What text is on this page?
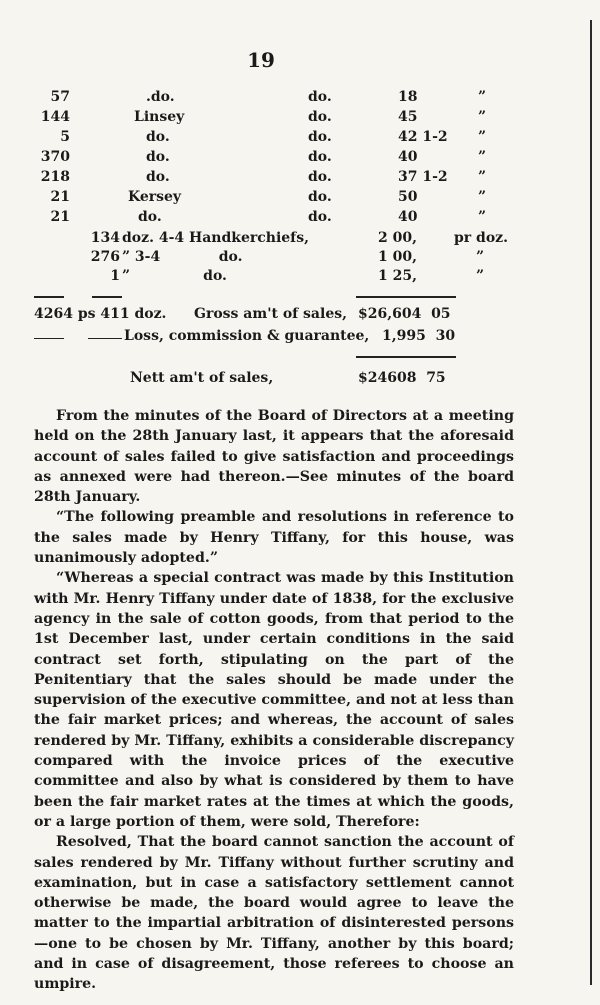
19
57	.do.	do.	18	”
144	Linsey	do.	45	”
5	do.	do.	42 1-2 ”
370	do.	do.	40	”
218	do.	do.	37 1-2 ”
21	Kersey	do.	50	”
21	do.	do.	40	”
134 doz. 4-4 Handkerchiefs,	2 00,	pr doz.
276 ” 3-4            do.	1 00,	”
1 ”               do.	1 25,	”
4264 ps 411 doz. Gross am't of sales, $26,604  05
Loss, commission & guarantee, 1,995  30
Nett am't of sales,	$24608  75

From the minutes of the Board of Directors at a meeting held on the 28th January last, it appears that the aforesaid account of sales failed to give satisfaction and proceedings as annexed were had thereon.—See minutes of the board 28th January.

“The following preamble and resolutions in reference to the sales made by Henry Tiffany, for this house, was unanimously adopted.”

“Whereas a special contract was made by this Institution with Mr. Henry Tiffany under date of 1838, for the exclusive agency in the sale of cotton goods, from that period to the 1st December last, under certain conditions in the said contract set forth, stipulating on the part of the Penitentiary that the sales should be made under the supervision of the executive committee, and not at less than the fair market prices; and whereas, the account of sales rendered by Mr. Tiffany, exhibits a considerable discrepancy compared with the invoice prices of the executive committee and also by what is considered by them to have been the fair market rates at the times at which the goods, or a large portion of them, were sold, Therefore:

Resolved, That the board cannot sanction the account of sales rendered by Mr. Tiffany without further scrutiny and examination, but in case a satisfactory settlement cannot otherwise be made, the board would agree to leave the matter to the impartial arbitration of disinterested persons—one to be chosen by Mr. Tiffany, another by this board; and in case of disagreement, those referees to choose an umpire.
